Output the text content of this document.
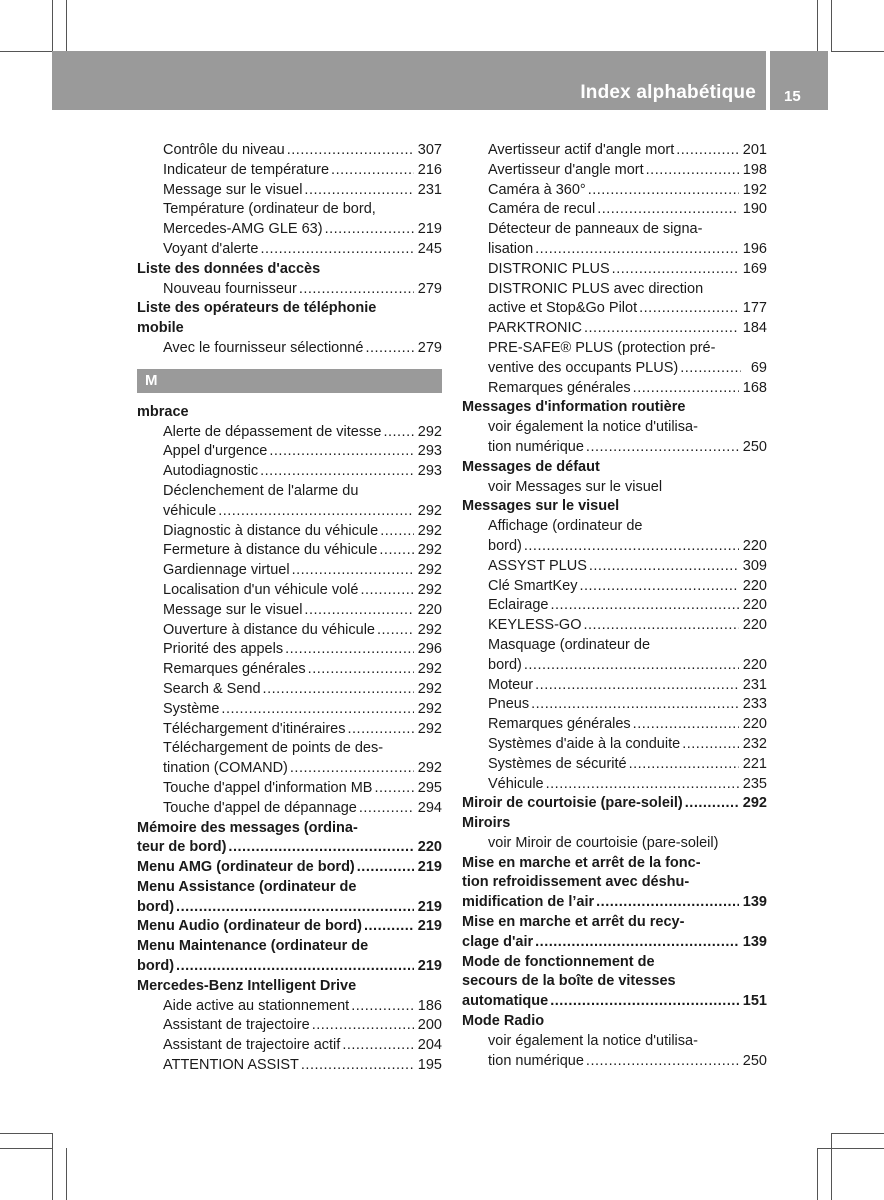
Index alphabétique 15
Contrôle du niveau .....	307
Indicateur de température .....	216
Message sur le visuel .....	231
Température (ordinateur de bord,
Mercedes-AMG GLE 63) .....	219
Voyant d'alerte .....	245
Liste des données d'accès
Nouveau fournisseur .....	279
Liste des opérateurs de téléphonie
mobile
Avec le fournisseur sélectionné .....	279
M
mbrace
Alerte de dépassement de vitesse .....	292
Appel d'urgence .....	293
Autodiagnostic .....	293
Déclenchement de l'alarme du
véhicule .....	292
Diagnostic à distance du véhicule .....	292
Fermeture à distance du véhicule .....	292
Gardiennage virtuel .....	292
Localisation d'un véhicule volé .....	292
Message sur le visuel .....	220
Ouverture à distance du véhicule .....	292
Priorité des appels .....	296
Remarques générales .....	292
Search & Send .....	292
Système .....	292
Téléchargement d'itinéraires .....	292
Téléchargement de points de des-
tination (COMAND) .....	292
Touche d'appel d'information MB .....	295
Touche d'appel de dépannage .....	294
Mémoire des messages (ordina-
teur de bord) .....	220
Menu AMG (ordinateur de bord) .....	219
Menu Assistance (ordinateur de
bord) .....	219
Menu Audio (ordinateur de bord) .....	219
Menu Maintenance (ordinateur de
bord) .....	219
Mercedes-Benz Intelligent Drive
Aide active au stationnement .....	186
Assistant de trajectoire .....	200
Assistant de trajectoire actif .....	204
ATTENTION ASSIST .....	195
Avertisseur actif d'angle mort .....	201
Avertisseur d'angle mort .....	198
Caméra à 360° .....	192
Caméra de recul .....	190
Détecteur de panneaux de signa-
lisation .....	196
DISTRONIC PLUS .....	169
DISTRONIC PLUS avec direction
active et Stop&Go Pilot .....	177
PARKTRONIC .....	184
PRE-SAFE® PLUS (protection pré-
ventive des occupants PLUS) .....	69
Remarques générales .....	168
Messages d'information routière
voir également la notice d'utilisa-
tion numérique .....	250
Messages de défaut
voir Messages sur le visuel
Messages sur le visuel
Affichage (ordinateur de
bord) .....	220
ASSYST PLUS .....	309
Clé SmartKey .....	220
Eclairage .....	220
KEYLESS-GO .....	220
Masquage (ordinateur de
bord) .....	220
Moteur .....	231
Pneus .....	233
Remarques générales .....	220
Systèmes d'aide à la conduite .....	232
Systèmes de sécurité .....	221
Véhicule .....	235
Miroir de courtoisie (pare-soleil) .....	292
Miroirs
voir Miroir de courtoisie (pare-soleil)
Mise en marche et arrêt de la fonc-
tion refroidissement avec déshu-
midification de l’air .....	139
Mise en marche et arrêt du recy-
clage d'air .....	139
Mode de fonctionnement de
secours de la boîte de vitesses
automatique .....	151
Mode Radio
voir également la notice d'utilisa-
tion numérique .....	250
